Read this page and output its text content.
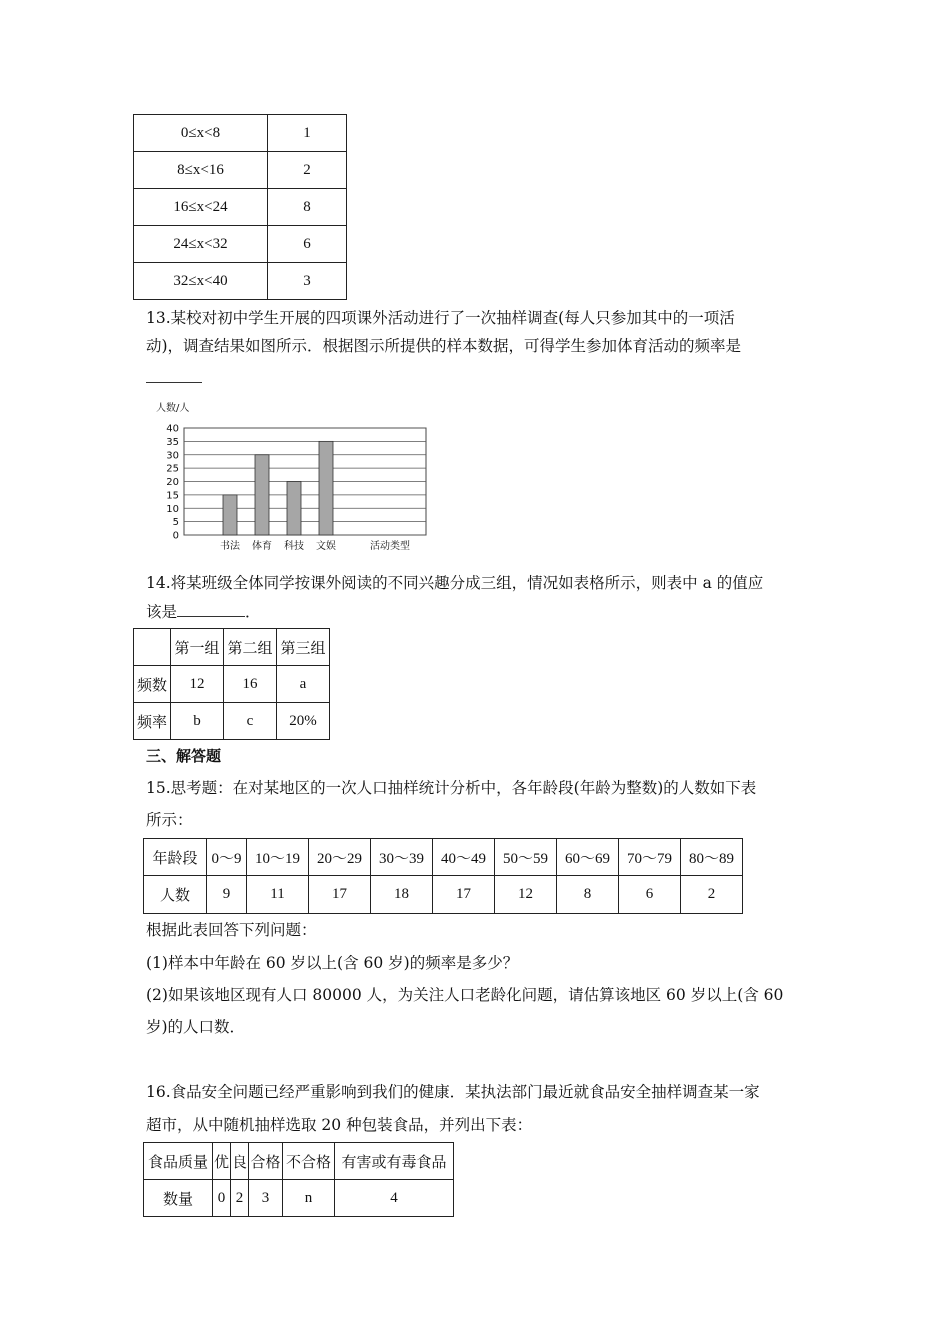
0≤x<8	1
8≤x<16	2
16≤x<24	8
24≤x<32	6
32≤x<40	3
13.某校对初中学生开展的四项课外活动进行了一次抽样调查(每人只参加其中的一项活
动)，调查结果如图所示．根据图示所提供的样本数据，可得学生参加体育活动的频率是
人数/人
0
5
10
15
20
25
30
35
40
书法 体育 科技 文娱	活动类型
14.将某班级全体同学按课外阅读的不同兴趣分成三组，情况如表格所示，则表中 a 的值应
该是	．
	第一组	第二组	第三组
频数	12	16	a
频率	b	c	20%
三、解答题
15.思考题：在对某地区的一次人口抽样统计分析中，各年龄段(年龄为整数)的人数如下表
所示：
年龄段	0～9	10～19	20～29	30～39	40～49	50～59	60～69	70～79	80～89
人数	9	11	17	18	17	12	8	6	2
根据此表回答下列问题：
(1)样本中年龄在 60 岁以上(含 60 岁)的频率是多少？
(2)如果该地区现有人口 80000 人，为关注人口老龄化问题，请估算该地区 60 岁以上(含 60
岁)的人口数．
16.食品安全问题已经严重影响到我们的健康．某执法部门最近就食品安全抽样调查某一家
超市，从中随机抽样选取 20 种包装食品，并列出下表：
食品质量	优	良	合格	不合格	有害或有毒食品
数量	0	2	3	n	4
